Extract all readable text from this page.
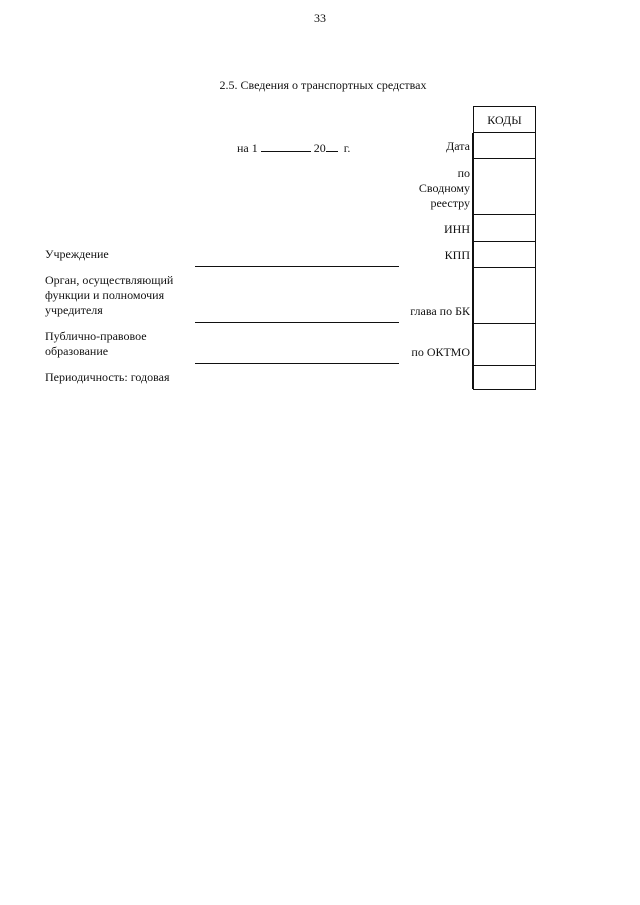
33
2.5. Сведения о транспортных средствах
на 1	20 г.	Дата
по
Сводному
реестру
ИНН
КПП
глава по БК
по ОКТМО
Учреждение
Орган, осуществляющий
функции и полномочия
учредителя
Публично-правовое
образование
Периодичность: годовая
КОДЫ
